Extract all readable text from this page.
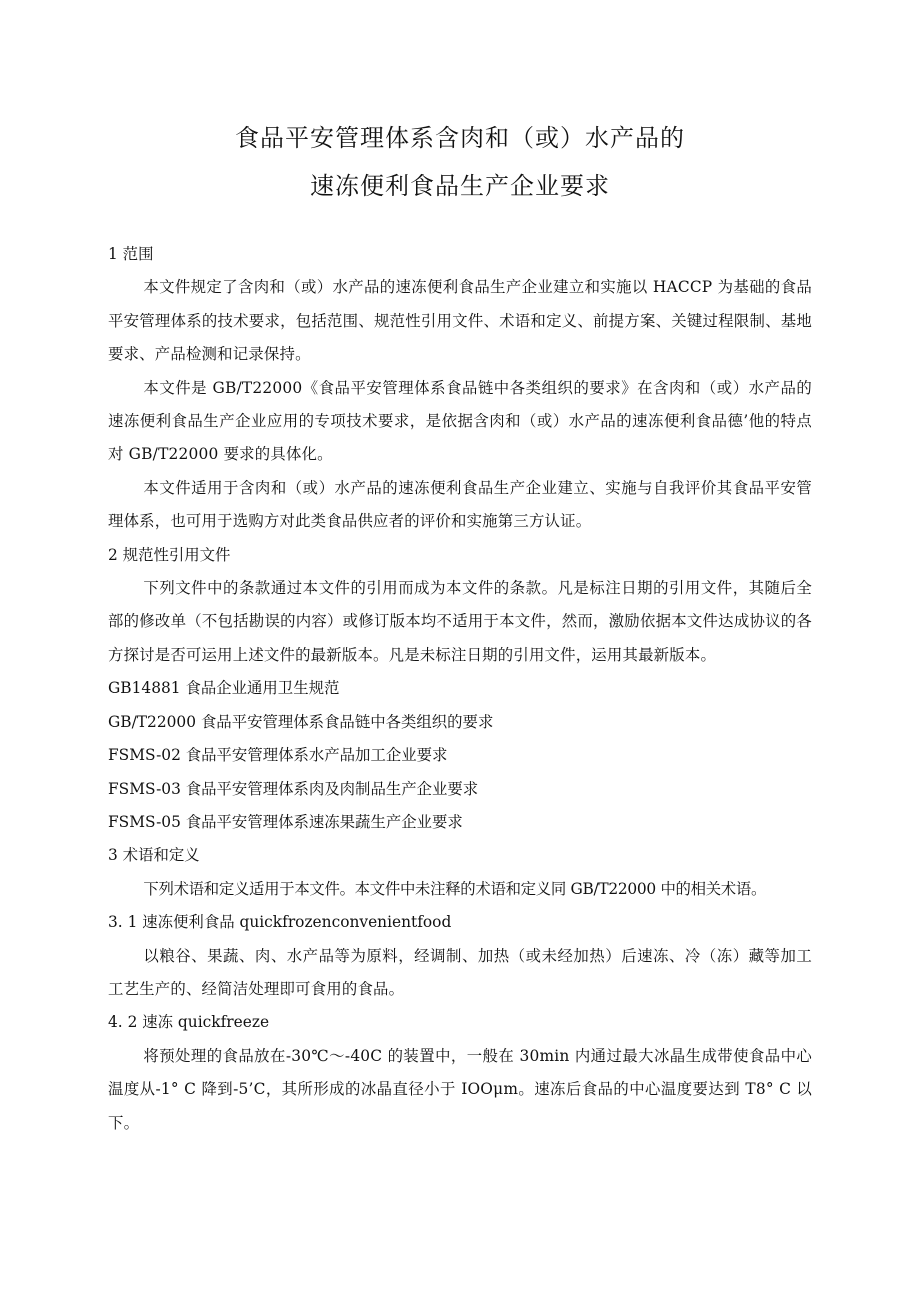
食品平安管理体系含肉和（或）水产品的
速冻便利食品生产企业要求

1 范围

本文件规定了含肉和（或）水产品的速冻便利食品生产企业建立和实施以 HACCP 为基础的食品平安管理体系的技术要求，包括范围、规范性引用文件、术语和定义、前提方案、关键过程限制、基地要求、产品检测和记录保持。

本文件是 GB/T22000《食品平安管理体系食品链中各类组织的要求》在含肉和（或）水产品的速冻便利食品生产企业应用的专项技术要求，是依据含肉和（或）水产品的速冻便利食品德’他的特点对 GB/T22000 要求的具体化。

本文件适用于含肉和（或）水产品的速冻便利食品生产企业建立、实施与自我评价其食品平安管理体系，也可用于选购方对此类食品供应者的评价和实施第三方认证。

2 规范性引用文件

下列文件中的条款通过本文件的引用而成为本文件的条款。凡是标注日期的引用文件，其随后全部的修改单（不包括勘误的内容）或修订版本均不适用于本文件，然而，激励依据本文件达成协议的各方探讨是否可运用上述文件的最新版本。凡是未标注日期的引用文件，运用其最新版本。

GB14881 食品企业通用卫生规范

GB/T22000 食品平安管理体系食品链中各类组织的要求

FSMS-02 食品平安管理体系水产品加工企业要求

FSMS-03 食品平安管理体系肉及肉制品生产企业要求

FSMS-05 食品平安管理体系速冻果蔬生产企业要求

3 术语和定义

下列术语和定义适用于本文件。本文件中未注释的术语和定义同 GB/T22000 中的相关术语。

3. 1 速冻便利食品 quickfrozenconvenientfood

以粮谷、果蔬、肉、水产品等为原料，经调制、加热（或未经加热）后速冻、冷（冻）藏等加工工艺生产的、经简洁处理即可食用的食品。

4. 2 速冻 quickfreeze

将预处理的食品放在-30℃～-40C 的装置中，一般在 30min 内通过最大冰晶生成带使食品中心温度从-1° C 降到-5’C，其所形成的冰晶直径小于 IOOμm。速冻后食品的中心温度要达到 T8° C 以下。
